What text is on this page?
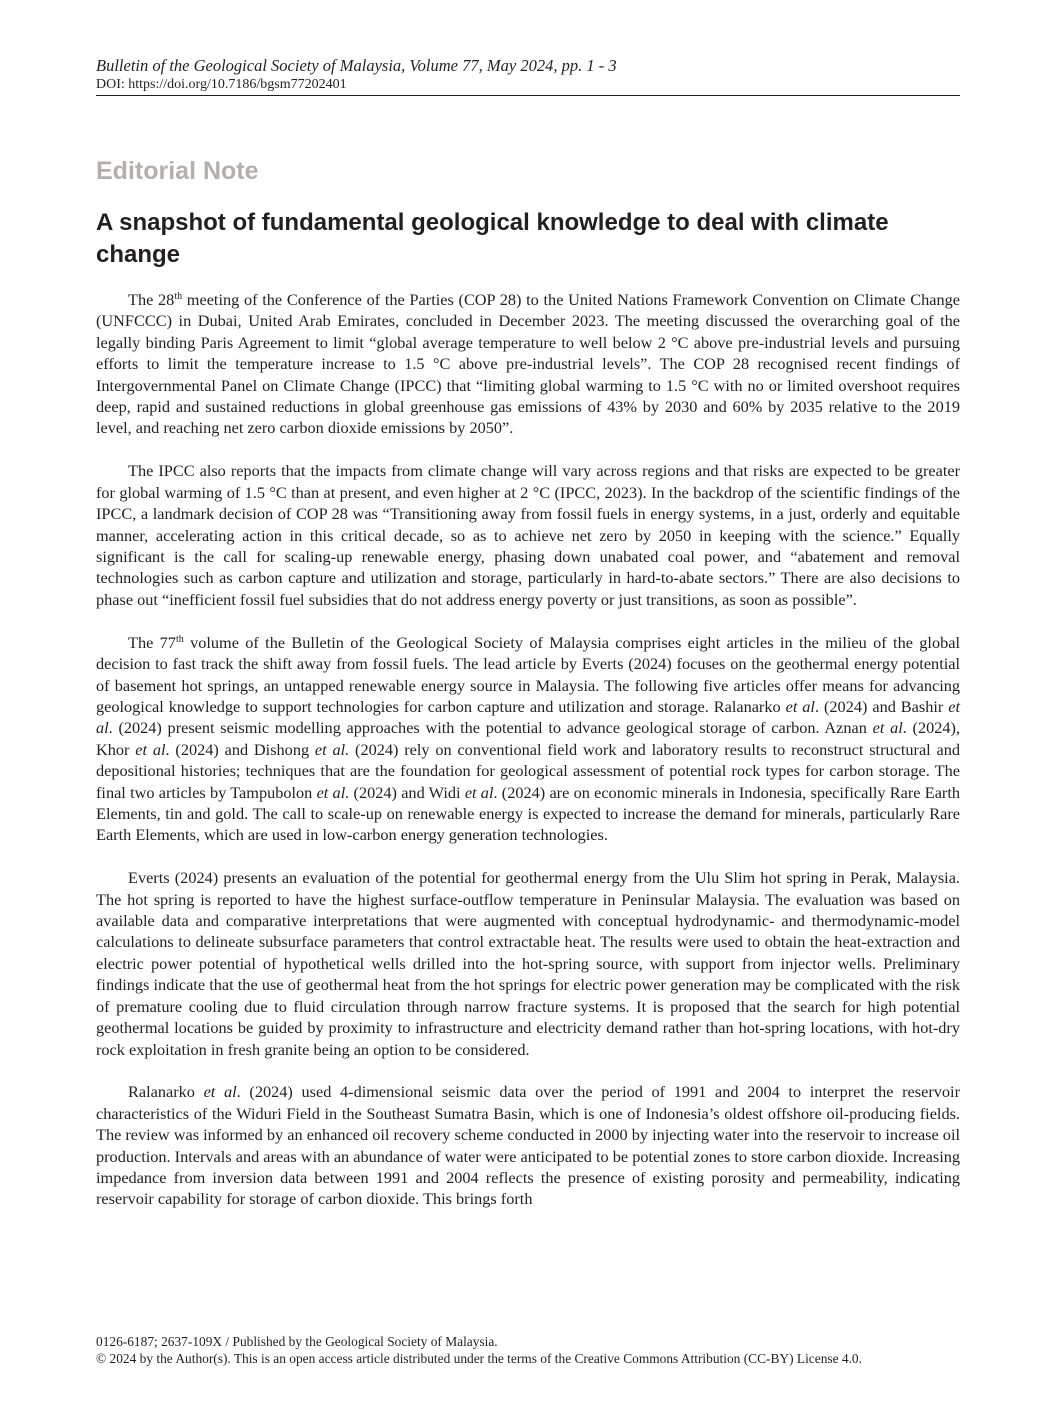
Bulletin of the Geological Society of Malaysia, Volume 77, May 2024, pp. 1 - 3
DOI: https://doi.org/10.7186/bgsm77202401
Editorial Note
A snapshot of fundamental geological knowledge to deal with climate change

The 28th meeting of the Conference of the Parties (COP 28) to the United Nations Framework Convention on Climate Change (UNFCCC) in Dubai, United Arab Emirates, concluded in December 2023. The meeting discussed the overarching goal of the legally binding Paris Agreement to limit “global average temperature to well below 2 °C above pre-industrial levels and pursuing efforts to limit the temperature increase to 1.5 °C above pre-industrial levels”. The COP 28 recognised recent findings of Intergovernmental Panel on Climate Change (IPCC) that “limiting global warming to 1.5 °C with no or limited overshoot requires deep, rapid and sustained reductions in global greenhouse gas emissions of 43% by 2030 and 60% by 2035 relative to the 2019 level, and reaching net zero carbon dioxide emissions by 2050”.

The IPCC also reports that the impacts from climate change will vary across regions and that risks are expected to be greater for global warming of 1.5 °C than at present, and even higher at 2 °C (IPCC, 2023). In the backdrop of the scientific findings of the IPCC, a landmark decision of COP 28 was “Transitioning away from fossil fuels in energy systems, in a just, orderly and equitable manner, accelerating action in this critical decade, so as to achieve net zero by 2050 in keeping with the science.” Equally significant is the call for scaling-up renewable energy, phasing down unabated coal power, and “abatement and removal technologies such as carbon capture and utilization and storage, particularly in hard-to-abate sectors.” There are also decisions to phase out “inefficient fossil fuel subsidies that do not address energy poverty or just transitions, as soon as possible”.

The 77th volume of the Bulletin of the Geological Society of Malaysia comprises eight articles in the milieu of the global decision to fast track the shift away from fossil fuels. The lead article by Everts (2024) focuses on the geothermal energy potential of basement hot springs, an untapped renewable energy source in Malaysia. The following five articles offer means for advancing geological knowledge to support technologies for carbon capture and utilization and storage. Ralanarko et al. (2024) and Bashir et al. (2024) present seismic modelling approaches with the potential to advance geological storage of carbon. Aznan et al. (2024), Khor et al. (2024) and Dishong et al. (2024) rely on conventional field work and laboratory results to reconstruct structural and depositional histories; techniques that are the foundation for geological assessment of potential rock types for carbon storage. The final two articles by Tampubolon et al. (2024) and Widi et al. (2024) are on economic minerals in Indonesia, specifically Rare Earth Elements, tin and gold. The call to scale-up on renewable energy is expected to increase the demand for minerals, particularly Rare Earth Elements, which are used in low-carbon energy generation technologies.

Everts (2024) presents an evaluation of the potential for geothermal energy from the Ulu Slim hot spring in Perak, Malaysia. The hot spring is reported to have the highest surface-outflow temperature in Peninsular Malaysia. The evaluation was based on available data and comparative interpretations that were augmented with conceptual hydrodynamic- and thermodynamic-model calculations to delineate subsurface parameters that control extractable heat. The results were used to obtain the heat-extraction and electric power potential of hypothetical wells drilled into the hot-spring source, with support from injector wells. Preliminary findings indicate that the use of geothermal heat from the hot springs for electric power generation may be complicated with the risk of premature cooling due to fluid circulation through narrow fracture systems. It is proposed that the search for high potential geothermal locations be guided by proximity to infrastructure and electricity demand rather than hot-spring locations, with hot-dry rock exploitation in fresh granite being an option to be considered.

Ralanarko et al. (2024) used 4-dimensional seismic data over the period of 1991 and 2004 to interpret the reservoir characteristics of the Widuri Field in the Southeast Sumatra Basin, which is one of Indonesia’s oldest offshore oil-producing fields. The review was informed by an enhanced oil recovery scheme conducted in 2000 by injecting water into the reservoir to increase oil production. Intervals and areas with an abundance of water were anticipated to be potential zones to store carbon dioxide. Increasing impedance from inversion data between 1991 and 2004 reflects the presence of existing porosity and permeability, indicating reservoir capability for storage of carbon dioxide. This brings forth

0126-6187; 2637-109X / Published by the Geological Society of Malaysia.
© 2024 by the Author(s). This is an open access article distributed under the terms of the Creative Commons Attribution (CC-BY) License 4.0.
